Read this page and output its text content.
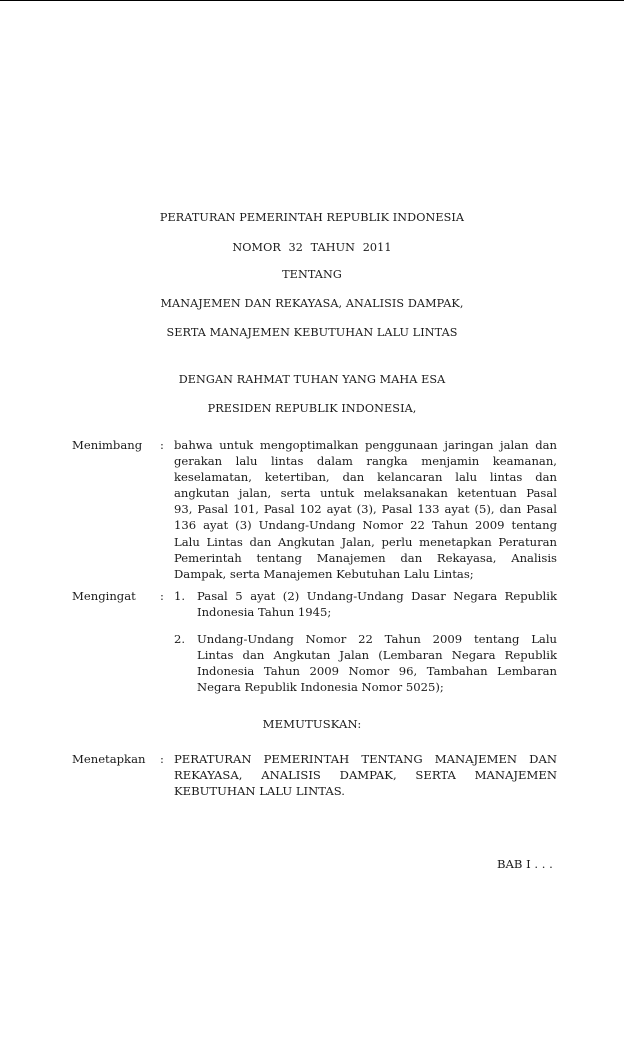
PERATURAN PEMERINTAH REPUBLIK INDONESIA
NOMOR 32 TAHUN 2011
TENTANG
MANAJEMEN DAN REKAYASA, ANALISIS DAMPAK,
SERTA MANAJEMEN KEBUTUHAN LALU LINTAS
DENGAN RAHMAT TUHAN YANG MAHA ESA
PRESIDEN REPUBLIK INDONESIA,
Menimbang : bahwa untuk mengoptimalkan penggunaan jaringan jalan dan
gerakan lalu lintas dalam rangka menjamin keamanan,
keselamatan, ketertiban, dan kelancaran lalu lintas dan
angkutan jalan, serta untuk melaksanakan ketentuan Pasal
93, Pasal 101, Pasal 102 ayat (3), Pasal 133 ayat (5), dan Pasal
136 ayat (3) Undang-Undang Nomor 22 Tahun 2009 tentang
Lalu Lintas dan Angkutan Jalan, perlu menetapkan Peraturan
Pemerintah tentang Manajemen dan Rekayasa, Analisis
Dampak, serta Manajemen Kebutuhan Lalu Lintas;

Mengingat : 1. Pasal 5 ayat (2) Undang-Undang Dasar Negara Republik
Indonesia Tahun 1945;

2. Undang-Undang Nomor 22 Tahun 2009 tentang Lalu
Lintas dan Angkutan Jalan (Lembaran Negara Republik
Indonesia Tahun 2009 Nomor 96, Tambahan Lembaran
Negara Republik Indonesia Nomor 5025);

MEMUTUSKAN:
Menetapkan : PERATURAN PEMERINTAH TENTANG MANAJEMEN DAN
REKAYASA, ANALISIS DAMPAK, SERTA MANAJEMEN
KEBUTUHAN LALU LINTAS.

BAB I . . .
